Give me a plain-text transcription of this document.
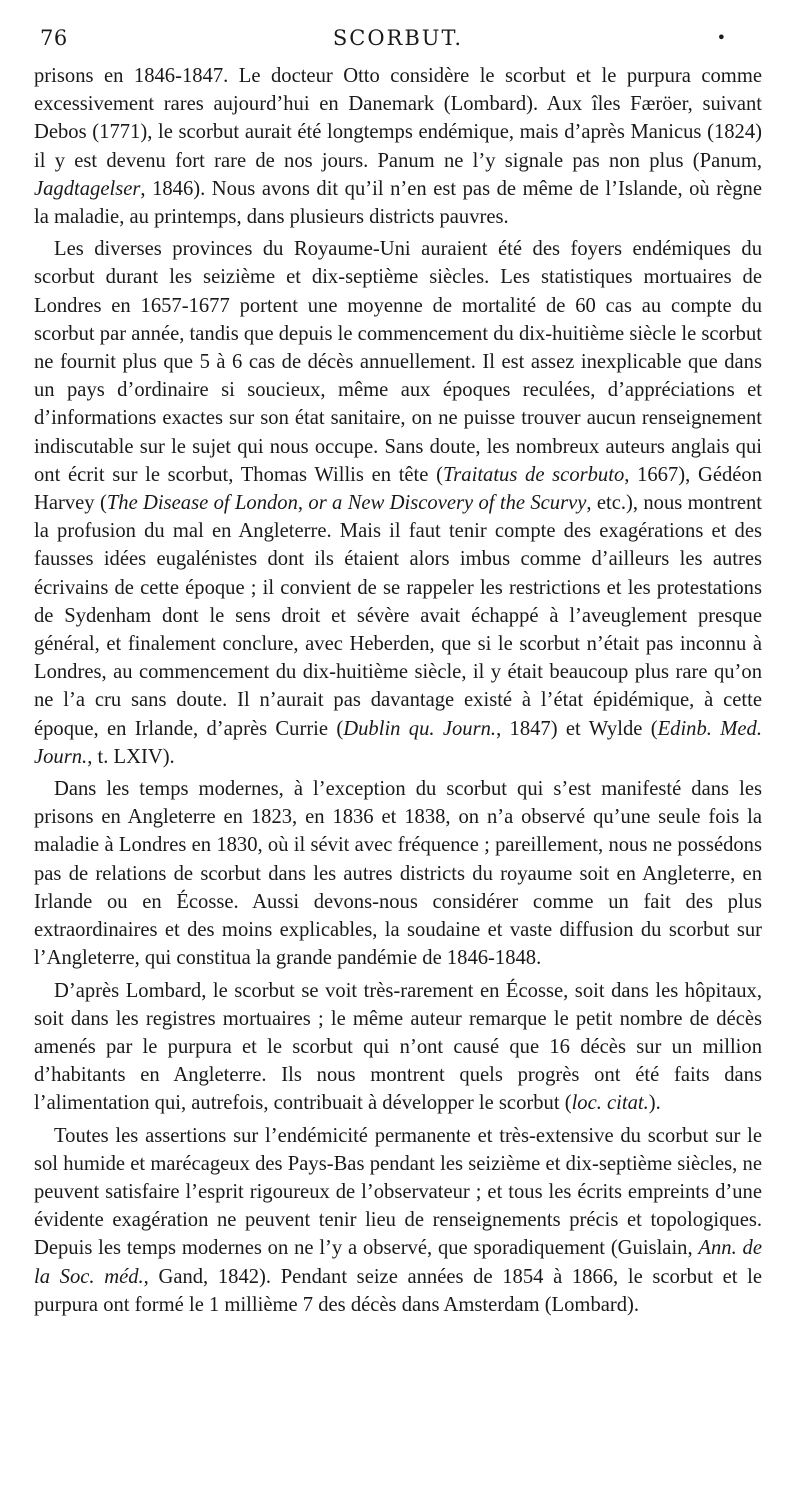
76	SCORBUT.	•

prisons en 1846-1847. Le docteur Otto considère le scorbut et le purpura comme excessivement rares aujourd’hui en Danemark (Lombard). Aux îles Færöer, suivant Debos (1771), le scorbut aurait été longtemps endémique, mais d’après Manicus (1824) il y est devenu fort rare de nos jours. Panum ne l’y signale pas non plus (Panum, Jagdtagelser, 1846). Nous avons dit qu’il n’en est pas de même de l’Islande, où règne la maladie, au printemps, dans plusieurs districts pauvres.

Les diverses provinces du Royaume-Uni auraient été des foyers endémiques du scorbut durant les seizième et dix-septième siècles. Les statistiques mortuaires de Londres en 1657-1677 portent une moyenne de mortalité de 60 cas au compte du scorbut par année, tandis que depuis le commencement du dix-huitième siècle le scorbut ne fournit plus que 5 à 6 cas de décès annuellement. Il est assez inexplicable que dans un pays d’ordinaire si soucieux, même aux époques reculées, d’appréciations et d’informations exactes sur son état sanitaire, on ne puisse trouver aucun renseignement indiscutable sur le sujet qui nous occupe. Sans doute, les nombreux auteurs anglais qui ont écrit sur le scorbut, Thomas Willis en tête (Traitatus de scorbuto, 1667), Gédéon Harvey (The Disease of London, or a New Discovery of the Scurvy, etc.), nous montrent la profusion du mal en Angleterre. Mais il faut tenir compte des exagérations et des fausses idées eugalénistes dont ils étaient alors imbus comme d’ailleurs les autres écrivains de cette époque ; il convient de se rappeler les restrictions et les protestations de Sydenham dont le sens droit et sévère avait échappé à l’aveuglement presque général, et finalement conclure, avec Heberden, que si le scorbut n’était pas inconnu à Londres, au commencement du dix-huitième siècle, il y était beaucoup plus rare qu’on ne l’a cru sans doute. Il n’aurait pas davantage existé à l’état épidémique, à cette époque, en Irlande, d’après Currie (Dublin qu. Journ., 1847) et Wylde (Edinb. Med. Journ., t. LXIV).

Dans les temps modernes, à l’exception du scorbut qui s’est manifesté dans les prisons en Angleterre en 1823, en 1836 et 1838, on n’a observé qu’une seule fois la maladie à Londres en 1830, où il sévit avec fréquence ; pareillement, nous ne possédons pas de relations de scorbut dans les autres districts du royaume soit en Angleterre, en Irlande ou en Écosse. Aussi devons-nous considérer comme un fait des plus extraordinaires et des moins explicables, la soudaine et vaste diffusion du scorbut sur l’Angleterre, qui constitua la grande pandémie de 1846-1848.

D’après Lombard, le scorbut se voit très-rarement en Écosse, soit dans les hôpitaux, soit dans les registres mortuaires ; le même auteur remarque le petit nombre de décès amenés par le purpura et le scorbut qui n’ont causé que 16 décès sur un million d’habitants en Angleterre. Ils nous montrent quels progrès ont été faits dans l’alimentation qui, autrefois, contribuait à développer le scorbut (loc. citat.).

Toutes les assertions sur l’endémicité permanente et très-extensive du scorbut sur le sol humide et marécageux des Pays-Bas pendant les seizième et dix-septième siècles, ne peuvent satisfaire l’esprit rigoureux de l’observateur ; et tous les écrits empreints d’une évidente exagération ne peuvent tenir lieu de renseignements précis et topologiques. Depuis les temps modernes on ne l’y a observé, que sporadiquement (Guislain, Ann. de la Soc. méd., Gand, 1842). Pendant seize années de 1854 à 1866, le scorbut et le purpura ont formé le 1 millième 7 des décès dans Amsterdam (Lombard).
